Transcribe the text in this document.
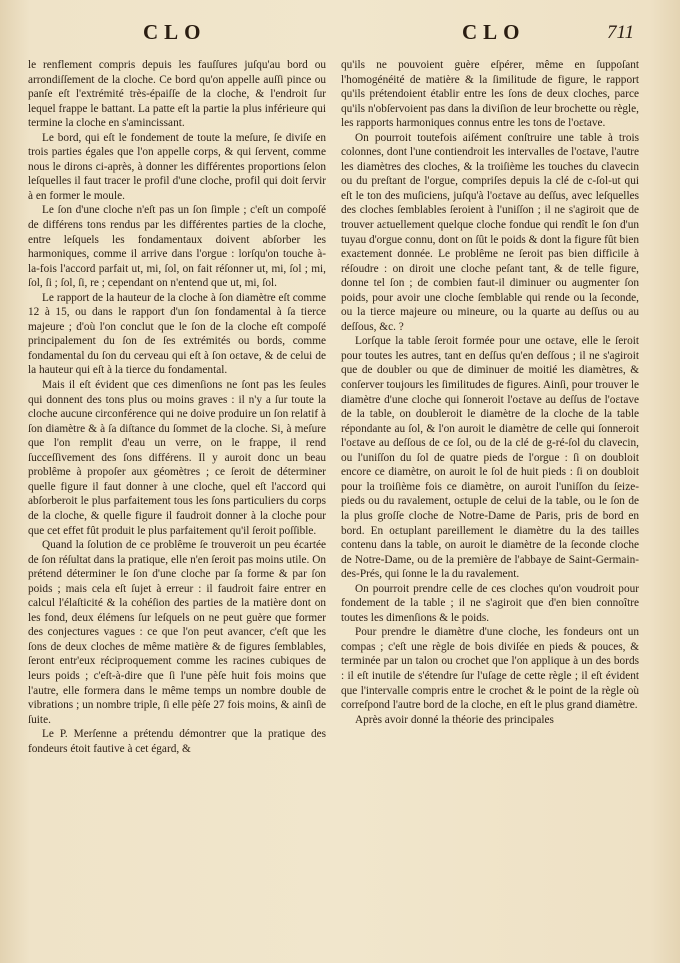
CLO	CLO	711

le renflement compris depuis les fauſſures juſqu'au bord ou arrondiſſement de la cloche. Ce bord qu'on appelle auſſi pince ou panſe eſt l'extrémité très-épaiſſe de la cloche, & l'endroit ſur lequel frappe le battant. La patte eſt la partie la plus inférieure qui termine la cloche en s'amincissant.

Le bord, qui eſt le fondement de toute la meſure, ſe diviſe en trois parties égales que l'on appelle corps, & qui ſervent, comme nous le dirons ci-après, à donner les différentes proportions ſelon leſquelles il faut tracer le profil d'une cloche, profil qui doit ſervir à en former le moule.

Le ſon d'une cloche n'eſt pas un ſon ſimple ; c'eſt un compoſé de différens tons rendus par les différentes parties de la cloche, entre leſquels les fondamentaux doivent abſorber les harmoniques, comme il arrive dans l'orgue : lorſqu'on touche à-la-fois l'accord parfait ut, mi, ſol, on fait réſonner ut, mi, ſol ; mi, ſol, ſi ; ſol, ſi, re ; cependant on n'entend que ut, mi, ſol.

Le rapport de la hauteur de la cloche à ſon diamètre eſt comme 12 à 15, ou dans le rapport d'un ſon fondamental à ſa tierce majeure ; d'où l'on conclut que le ſon de la cloche eſt compoſé principalement du ſon de ſes extrémités ou bords, comme fondamental du ſon du cerveau qui eſt à ſon oɛtave, & de celui de la hauteur qui eſt à la tierce du fondamental.

Mais il eſt évident que ces dimenſions ne ſont pas les ſeules qui donnent des tons plus ou moins graves : il n'y a ſur toute la cloche aucune circonférence qui ne doive produire un ſon relatif à ſon diamètre & à ſa diſtance du ſommet de la cloche. Si, à meſure que l'on remplit d'eau un verre, on le frappe, il rend ſucceſſivement des ſons différens. Il y auroit donc un beau problême à propoſer aux géomètres ; ce ſeroit de déterminer quelle figure il faut donner à une cloche, quel eſt l'accord qui abſorberoit le plus parfaitement tous les ſons particuliers du corps de la cloche, & quelle figure il faudroit donner à la cloche pour que cet effet fût produit le plus parfaitement qu'il ſeroit poſſible.

Quand la ſolution de ce problême ſe trouveroit un peu écartée de ſon réſultat dans la pratique, elle n'en ſeroit pas moins utile. On prétend déterminer le ſon d'une cloche par ſa forme & par ſon poids ; mais cela eſt ſujet à erreur : il faudroit faire entrer en calcul l'élaſticité & la cohéſion des parties de la matière dont on les fond, deux élémens ſur leſquels on ne peut guère que former des conjectures vagues : ce que l'on peut avancer, c'eſt que les ſons de deux cloches de même matière & de figures ſemblables, ſeront entr'eux réciproquement comme les racines cubiques de leurs poids ; c'eſt-à-dire que ſi l'une pèſe huit fois moins que l'autre, elle formera dans le même temps un nombre double de vibrations ; un nombre triple, ſi elle pèſe 27 fois moins, & ainſi de ſuite.

Le P. Merſenne a prétendu démontrer que la pratique des fondeurs étoit fautive à cet égard, &

qu'ils ne pouvoient guère eſpérer, même en ſuppoſant l'homogénéité de matière & la ſimilitude de figure, le rapport qu'ils prétendoient établir entre les ſons de deux cloches, parce qu'ils n'obſervoient pas dans la diviſion de leur brochette ou règle, les rapports harmoniques connus entre les tons de l'oɛtave.

On pourroit toutefois aiſément conſtruire une table à trois colonnes, dont l'une contiendroit les intervalles de l'oɛtave, l'autre les diamètres des cloches, & la troiſième les touches du clavecin ou du preſtant de l'orgue, compriſes depuis la clé de c-ſol-ut qui eſt le ton des muſiciens, juſqu'à l'oɛtave au deſſus, avec leſquelles des cloches ſemblables ſeroient à l'uniſſon ; il ne s'agiroit que de trouver aɛtuellement quelque cloche fondue qui rendît le ſon d'un tuyau d'orgue connu, dont on ſût le poids & dont la figure fût bien exaɛtement donnée. Le problême ne ſeroit pas bien difficile à réſoudre : on diroit une cloche peſant tant, & de telle figure, donne tel ſon ; de combien faut-il diminuer ou augmenter ſon poids, pour avoir une cloche ſemblable qui rende ou la ſeconde, ou la tierce majeure ou mineure, ou la quarte au deſſus ou au deſſous, &c. ?

Lorſque la table ſeroit formée pour une oɛtave, elle le ſeroit pour toutes les autres, tant en deſſus qu'en deſſous ; il ne s'agiroit que de doubler ou que de diminuer de moitié les diamètres, & conſerver toujours les ſimilitudes de figures. Ainſi, pour trouver le diamètre d'une cloche qui ſonneroit l'oɛtave au deſſus de l'oɛtave de la table, on doubleroit le diamètre de la cloche de la table répondante au ſol, & l'on auroit le diamètre de celle qui ſonneroit l'oɛtave au deſſous de ce ſol, ou de la clé de g-ré-ſol du clavecin, ou l'uniſſon du ſol de quatre pieds de l'orgue : ſi on doubloit encore ce diamètre, on auroit le ſol de huit pieds : ſi on doubloit pour la troiſième fois ce diamètre, on auroit l'uniſſon du ſeize-pieds ou du ravalement, oɛtuple de celui de la table, ou le ſon de la plus groſſe cloche de Notre-Dame de Paris, pris de bord en bord. En oɛtuplant pareillement le diamètre du la des tailles contenu dans la table, on auroit le diamètre de la ſeconde cloche de Notre-Dame, ou de la première de l'abbaye de Saint-Germain-des-Prés, qui ſonne le la du ravalement.

On pourroit prendre celle de ces cloches qu'on voudroit pour fondement de la table ; il ne s'agiroit que d'en bien connoître toutes les dimenſions & le poids.

Pour prendre le diamètre d'une cloche, les fondeurs ont un compas ; c'eſt une règle de bois diviſée en pieds & pouces, & terminée par un talon ou crochet que l'on applique à un des bords : il eſt inutile de s'étendre ſur l'uſage de cette règle ; il eſt évident que l'intervalle compris entre le crochet & le point de la règle où correſpond l'autre bord de la cloche, en eſt le plus grand diamètre.

Après avoir donné la théorie des principales
